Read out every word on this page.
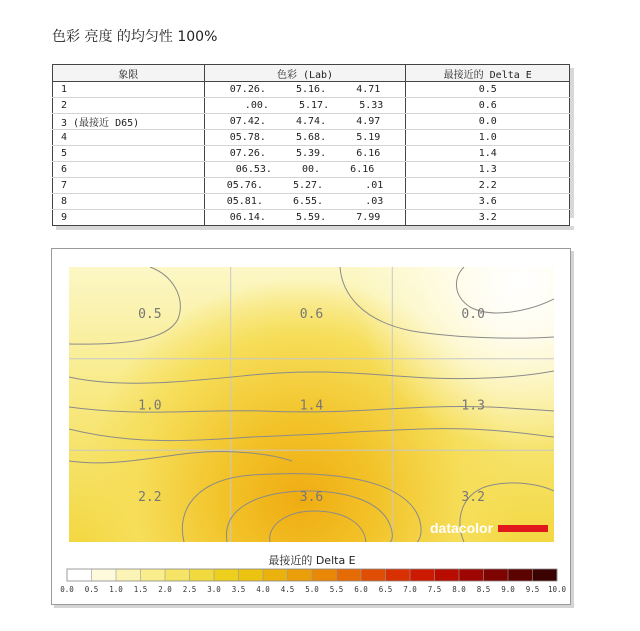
色彩 亮度 的均匀性 100%
象限	色彩 (Lab)	最接近的 Delta E
1	07.26.     5.16.     4.71	0.5
2	.00.     5.17.     5.33	0.6
3 (最接近 D65)	07.42.     4.74.     4.97	0.0
4	05.78.     5.68.     5.19	1.0
5	07.26.     5.39.     6.16	1.4
6	06.53.     00.     6.16	1.3
7	05.76.     5.27.       .01	2.2
8	05.81.     6.55.       .03	3.6
9	06.14.     5.59.     7.99	3.2
0.5	0.6	0.0
1.0	1.4	1.3
2.2	3.6	3.2
datacolor
最接近的 Delta E
0.0 0.5 1.0 1.5 2.0 2.5 3.0 3.5 4.0 4.5 5.0 5.5 6.0 6.5 7.0 7.5 8.0 8.5 9.0 9.5 10.0
